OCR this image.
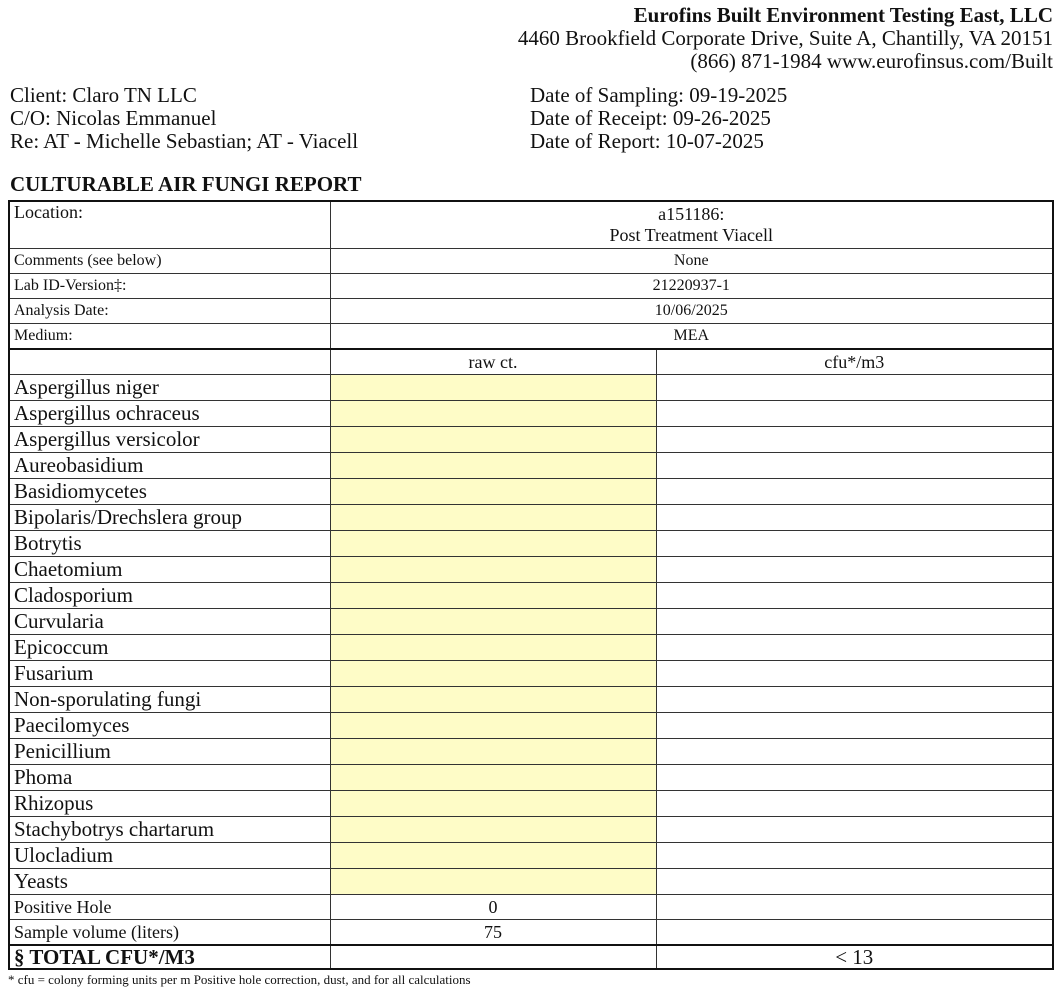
Eurofins Built Environment Testing East, LLC
4460 Brookfield Corporate Drive, Suite A, Chantilly, VA 20151
(866) 871-1984 www.eurofinsus.com/Built
Client: Claro TN LLC
C/O: Nicolas Emmanuel
Re: AT - Michelle Sebastian; AT - Viacell
Date of Sampling: 09-19-2025
Date of Receipt: 09-26-2025
Date of Report: 10-07-2025
CULTURABLE AIR FUNGI REPORT
Location:	a151186:
Post Treatment Viacell	

Comments (see below)	None	
Lab ID-Version‡:	21220937-1	
Analysis Date:	10/06/2025	
Medium:	MEA	
	raw ct.	cfu*/m3
Aspergillus niger		
Aspergillus ochraceus		
Aspergillus versicolor		
Aureobasidium		
Basidiomycetes		
Bipolaris/Drechslera group		
Botrytis		
Chaetomium		
Cladosporium		
Curvularia		
Epicoccum		
Fusarium		
Non-sporulating fungi		
Paecilomyces		
Penicillium		
Phoma		
Rhizopus		
Stachybotrys chartarum		
Ulocladium		
Yeasts		
Positive Hole	0	
Sample volume (liters)	75	
§ TOTAL CFU*/M3		< 13
* cfu = colony forming units per m Positive hole correction, dust, and for all calculations
